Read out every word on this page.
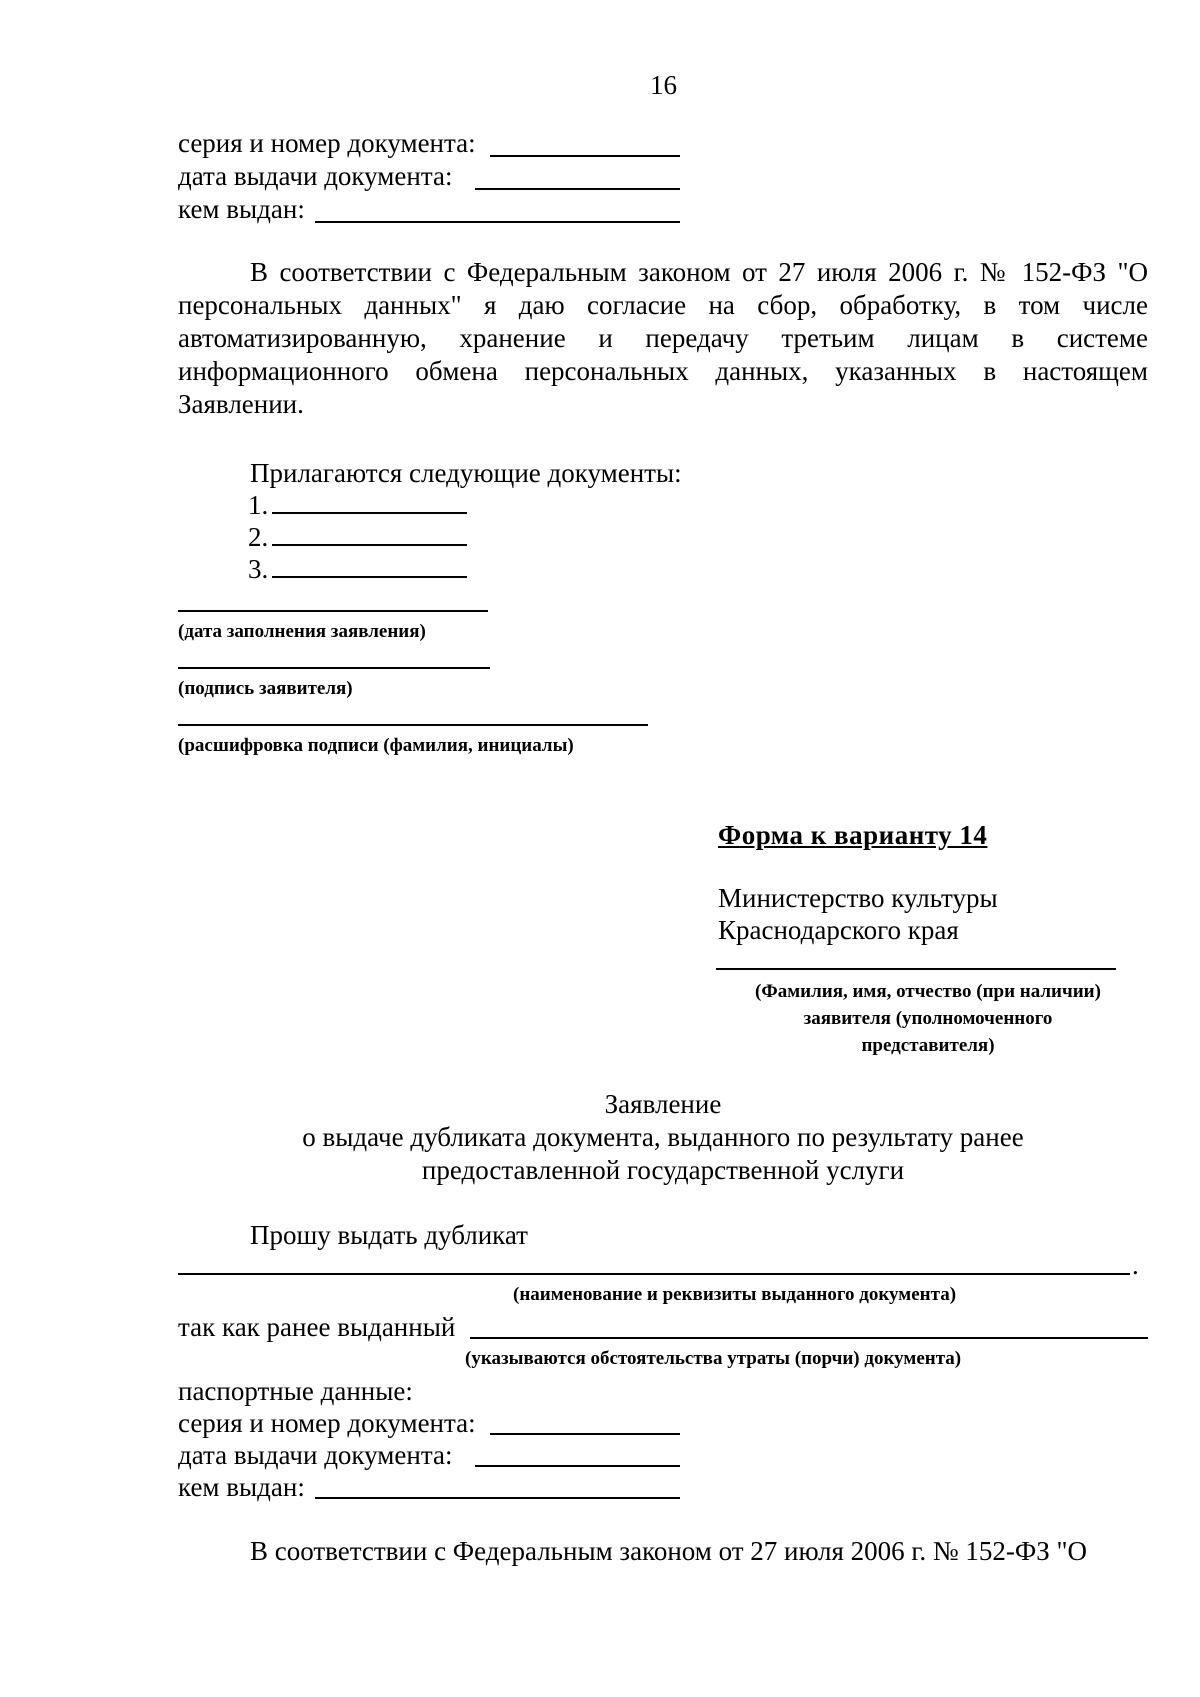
16
серия и номер документа:
дата выдачи документа:
кем выдан:
В соответствии с Федеральным законом от 27 июля 2006 г. № 152-ФЗ "О персональных данных" я даю согласие на сбор, обработку, в том числе автоматизированную, хранение и передачу третьим лицам в системе информационного обмена персональных данных, указанных в настоящем Заявлении.
Прилагаются следующие документы:
1.
2.
3.
(дата заполнения заявления)
(подпись заявителя)
(расшифровка подписи (фамилия, инициалы)
Форма к варианту 14
Министерство культуры
Краснодарского края
(Фамилия, имя, отчество (при наличии)
заявителя (уполномоченного
представителя)
Заявление
о выдаче дубликата документа, выданного по результату ранее
предоставленной государственной услуги
Прошу выдать дубликат
.
(наименование и реквизиты выданного документа)
так как ранее выданный
(указываются обстоятельства утраты (порчи) документа)
паспортные данные:
серия и номер документа:
дата выдачи документа:
кем выдан:
В соответствии с Федеральным законом от 27 июля 2006 г. № 152-ФЗ "О
